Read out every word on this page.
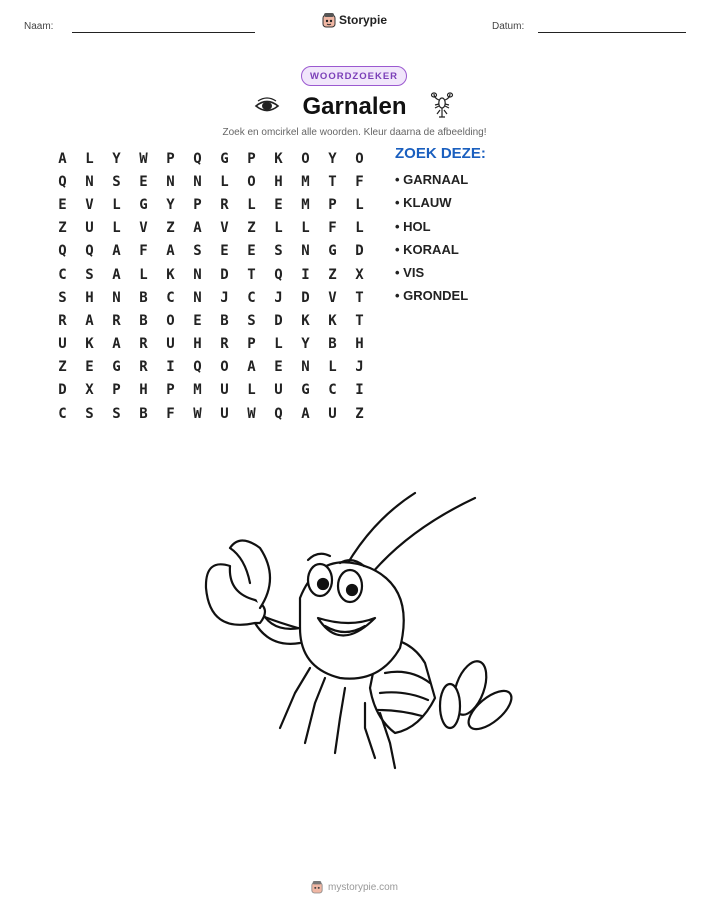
Naam:	Storypie	Datum:
WOORDZOEKER
Garnalen
Zoek en omcirkel alle woorden. Kleur daarna de afbeelding!
A	L	Y	W	P	Q	G	P	K	O	Y	O
Q	N	S	E	N	N	L	O	H	M	T	F
E	V	L	G	Y	P	R	L	E	M	P	L
Z	U	L	V	Z	A	V	Z	L	L	F	L
Q	Q	A	F	A	S	E	E	S	N	G	D
C	S	A	L	K	N	D	T	Q	I	Z	X
S	H	N	B	C	N	J	C	J	D	V	T
R	A	R	B	O	E	B	S	D	K	K	T
U	K	A	R	U	H	R	P	L	Y	B	H
Z	E	G	R	I	Q	O	A	E	N	L	J
D	X	P	H	P	M	U	L	U	G	C	I
C	S	S	B	F	W	U	W	Q	A	U	Z
ZOEK DEZE:
• GARNAAL
• KLAUW
• HOL
• KORAAL
• VIS
• GRONDEL
mystorypie.com
